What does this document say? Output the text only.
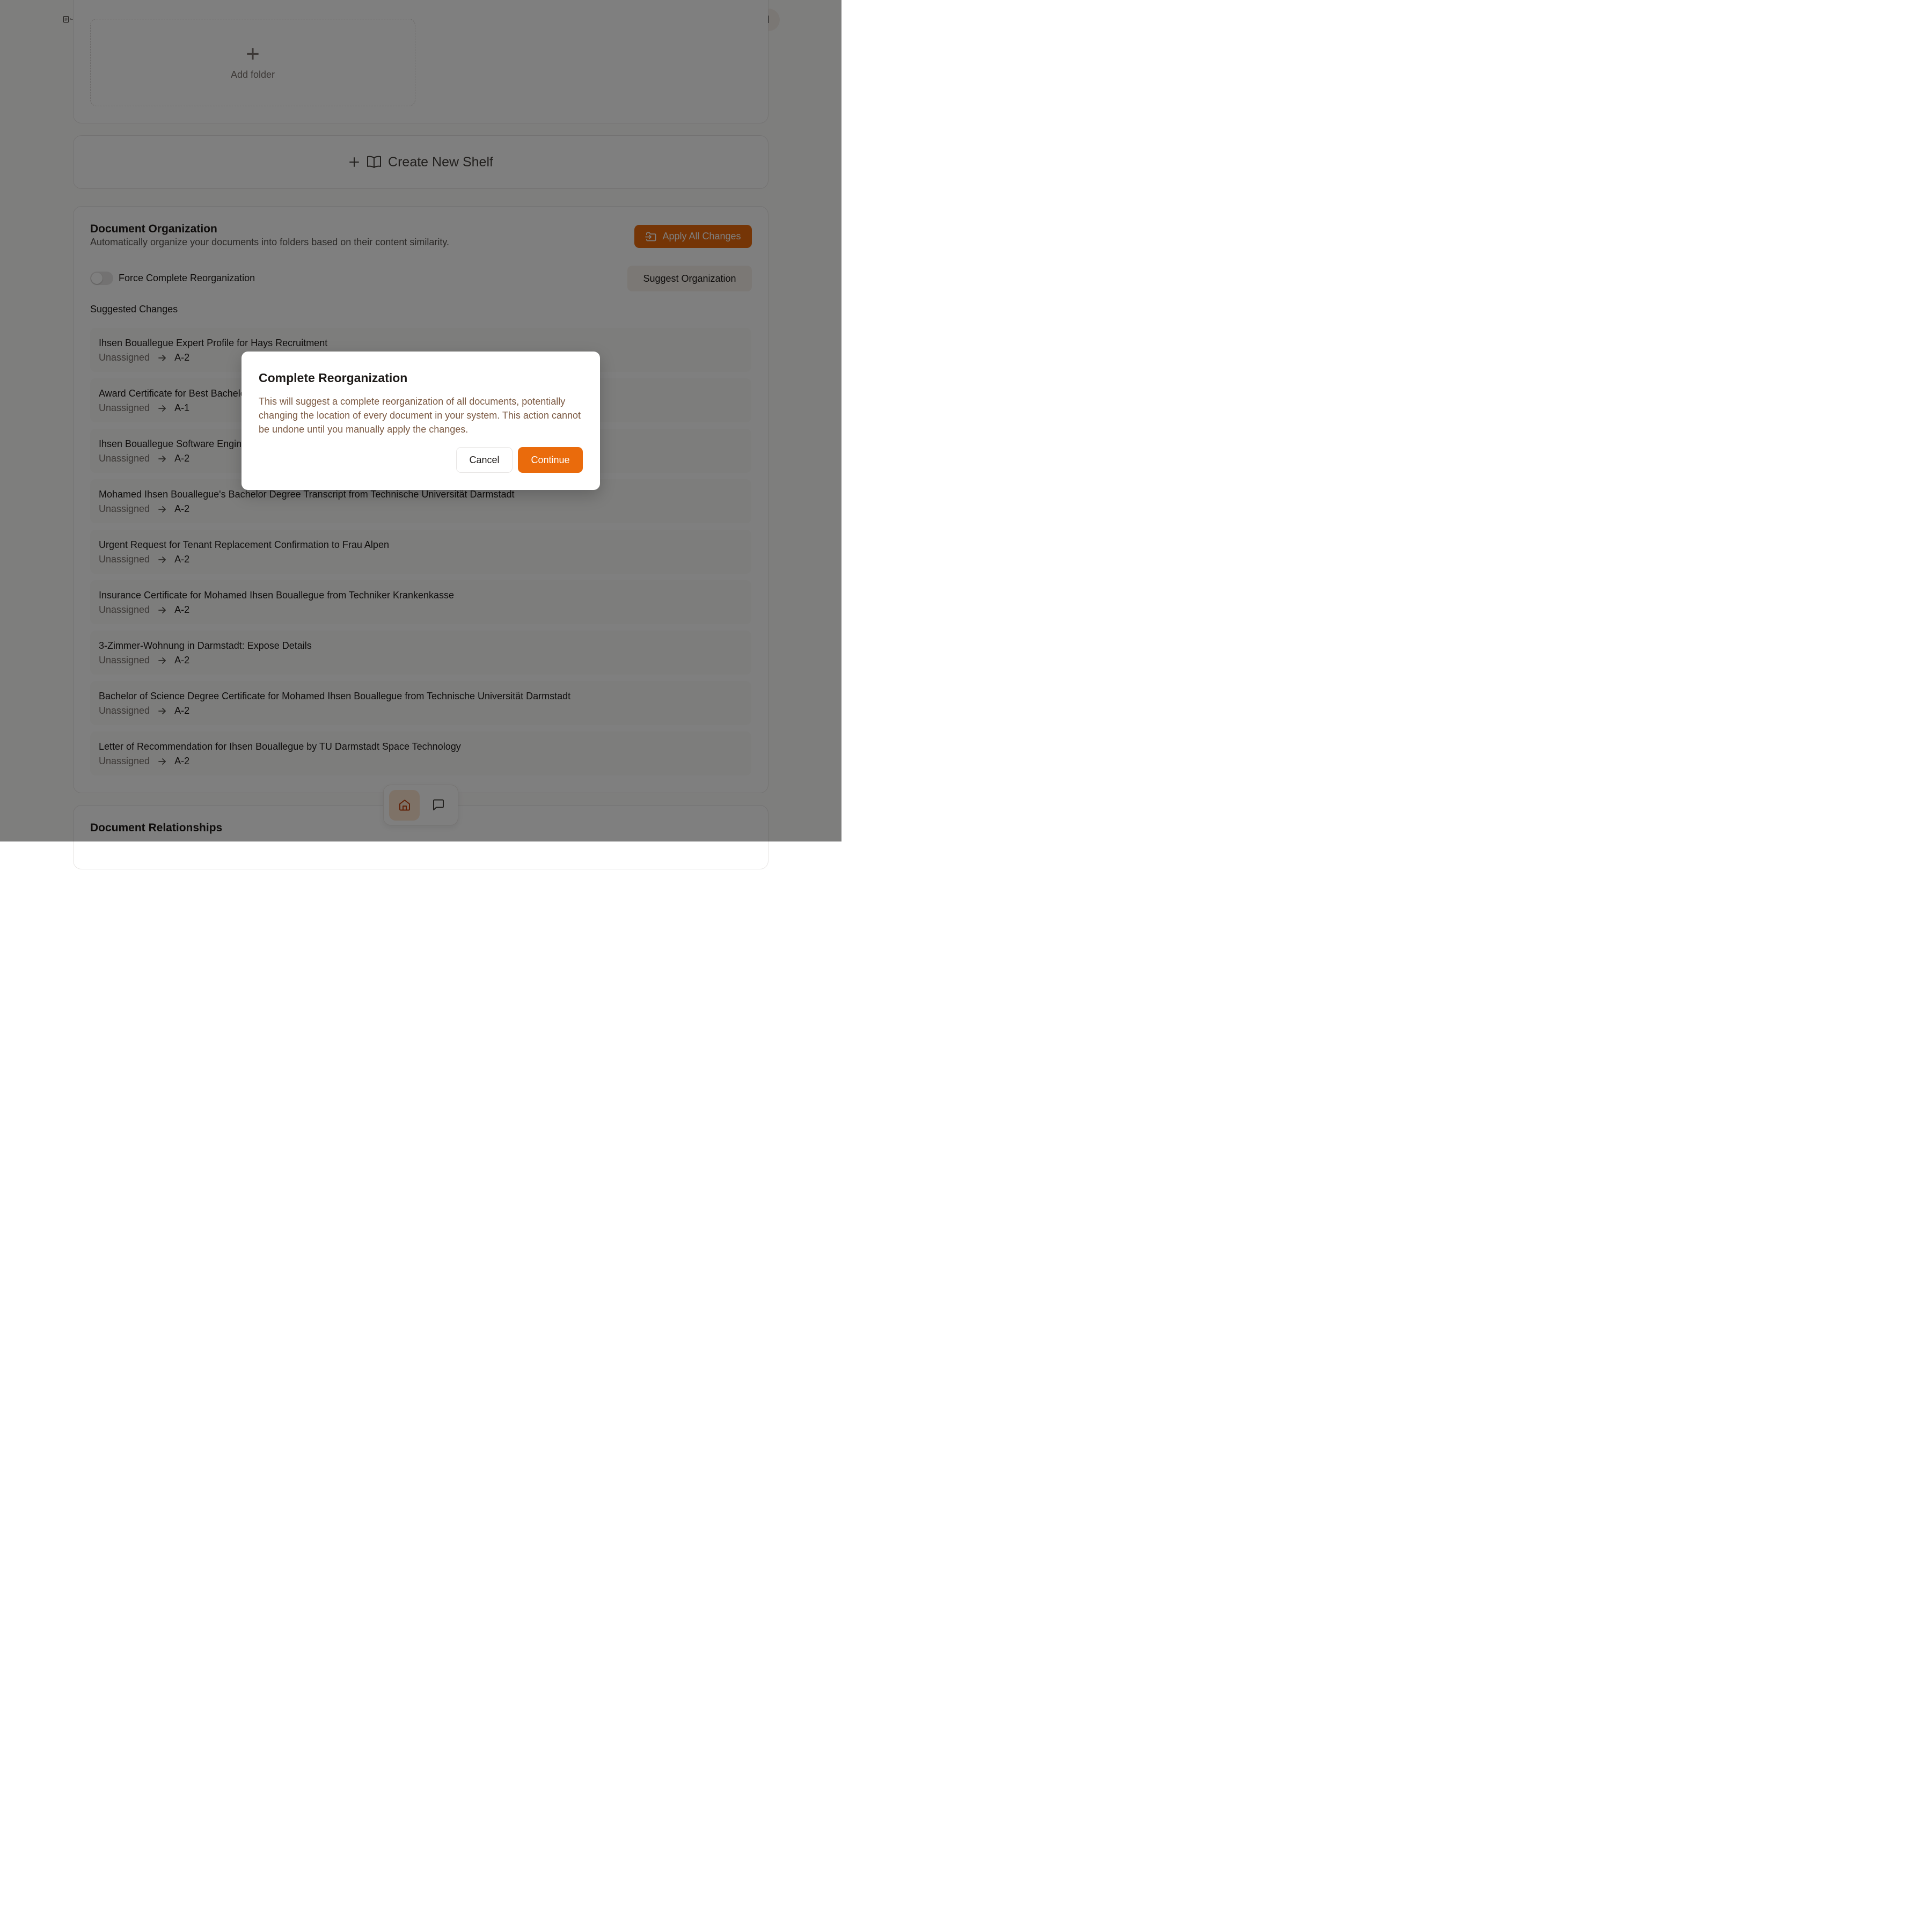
Complete Reorganization
This will suggest a complete reorganization of all documents, potentially changing the location of every document in your system. This action cannot be undone until you manually apply the changes.
Cancel	Continue
